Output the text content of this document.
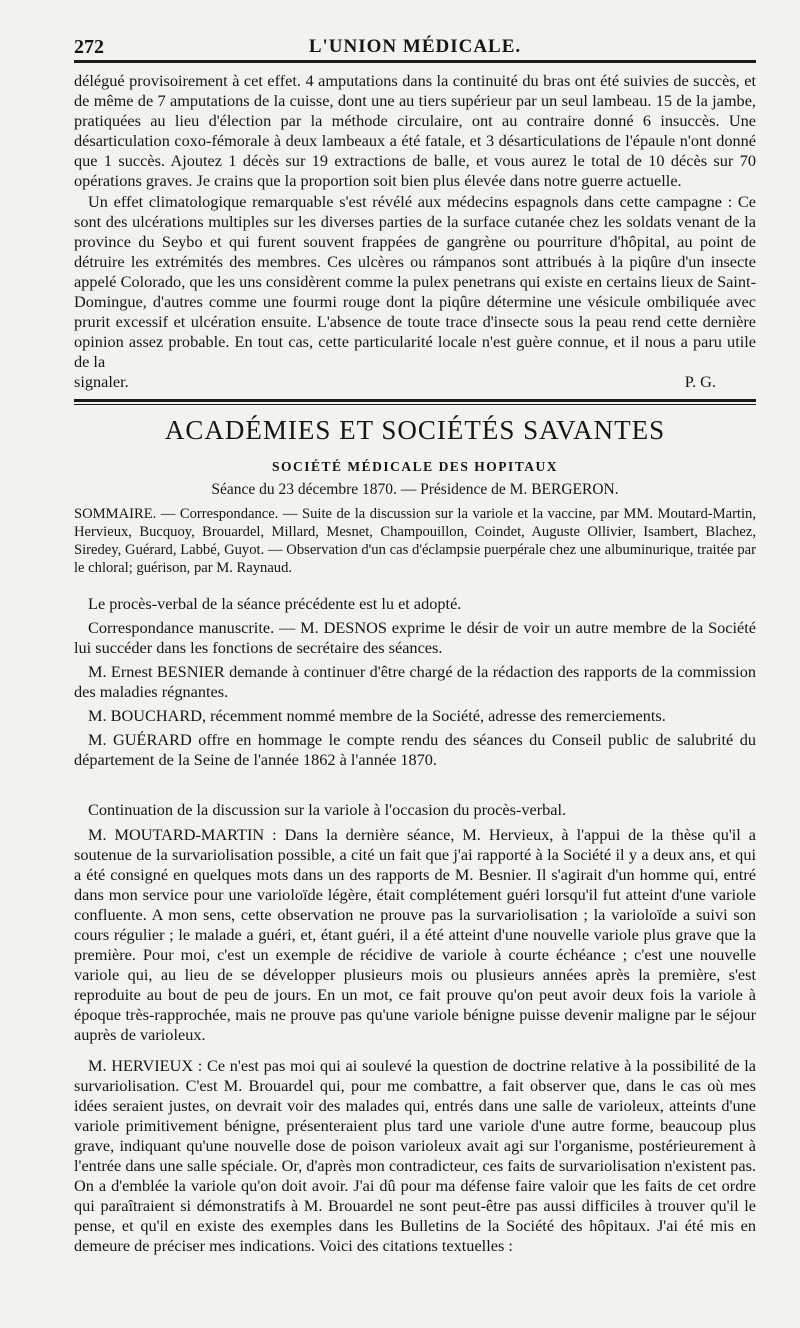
272	L'UNION MÉDICALE.

délégué provisoirement à cet effet. 4 amputations dans la continuité du bras ont été suivies de succès, et de même de 7 amputations de la cuisse, dont une au tiers supérieur par un seul lambeau. 15 de la jambe, pratiquées au lieu d'élection par la méthode circulaire, ont au contraire donné 6 insuccès. Une désarticulation coxo-fémorale à deux lambeaux a été fatale, et 3 désarticulations de l'épaule n'ont donné que 1 succès. Ajoutez 1 décès sur 19 extractions de balle, et vous aurez le total de 10 décès sur 70 opérations graves. Je crains que la proportion soit bien plus élevée dans notre guerre actuelle.

Un effet climatologique remarquable s'est révélé aux médecins espagnols dans cette campagne : Ce sont des ulcérations multiples sur les diverses parties de la surface cutanée chez les soldats venant de la province du Seybo et qui furent souvent frappées de gangrène ou pourriture d'hôpital, au point de détruire les extrémités des membres. Ces ulcères ou rámpanos sont attribués à la piqûre d'un insecte appelé Colorado, que les uns considèrent comme la pulex penetrans qui existe en certains lieux de Saint-Domingue, d'autres comme une fourmi rouge dont la piqûre détermine une vésicule ombiliquée avec prurit excessif et ulcération ensuite. L'absence de toute trace d'insecte sous la peau rend cette dernière opinion assez probable. En tout cas, cette particularité locale n'est guère connue, et il nous a paru utile de la

signaler.	P. G.
ACADÉMIES ET SOCIÉTÉS SAVANTES
SOCIÉTÉ MÉDICALE DES HOPITAUX
Séance du 23 décembre 1870. — Présidence de M. BERGERON.

SOMMAIRE. — Correspondance. — Suite de la discussion sur la variole et la vaccine, par MM. Moutard-Martin, Hervieux, Bucquoy, Brouardel, Millard, Mesnet, Champouillon, Coindet, Auguste Ollivier, Isambert, Blachez, Siredey, Guérard, Labbé, Guyot. — Observation d'un cas d'éclampsie puerpérale chez une albuminurique, traitée par le chloral; guérison, par M. Raynaud.

Le procès-verbal de la séance précédente est lu et adopté.

Correspondance manuscrite. — M. DESNOS exprime le désir de voir un autre membre de la Société lui succéder dans les fonctions de secrétaire des séances.

M. Ernest BESNIER demande à continuer d'être chargé de la rédaction des rapports de la commission des maladies régnantes.

M. BOUCHARD, récemment nommé membre de la Société, adresse des remerciements.

M. GUÉRARD offre en hommage le compte rendu des séances du Conseil public de salubrité du département de la Seine de l'année 1862 à l'année 1870.

Continuation de la discussion sur la variole à l'occasion du procès-verbal.

M. MOUTARD-MARTIN : Dans la dernière séance, M. Hervieux, à l'appui de la thèse qu'il a soutenue de la survariolisation possible, a cité un fait que j'ai rapporté à la Société il y a deux ans, et qui a été consigné en quelques mots dans un des rapports de M. Besnier. Il s'agirait d'un homme qui, entré dans mon service pour une varioloïde légère, était complétement guéri lorsqu'il fut atteint d'une variole confluente. A mon sens, cette observation ne prouve pas la survariolisation ; la varioloïde a suivi son cours régulier ; le malade a guéri, et, étant guéri, il a été atteint d'une nouvelle variole plus grave que la première. Pour moi, c'est un exemple de récidive de variole à courte échéance ; c'est une nouvelle variole qui, au lieu de se développer plusieurs mois ou plusieurs années après la première, s'est reproduite au bout de peu de jours. En un mot, ce fait prouve qu'on peut avoir deux fois la variole à époque très-rapprochée, mais ne prouve pas qu'une variole bénigne puisse devenir maligne par le séjour auprès de varioleux.

M. HERVIEUX : Ce n'est pas moi qui ai soulevé la question de doctrine relative à la possibilité de la survariolisation. C'est M. Brouardel qui, pour me combattre, a fait observer que, dans le cas où mes idées seraient justes, on devrait voir des malades qui, entrés dans une salle de varioleux, atteints d'une variole primitivement bénigne, présenteraient plus tard une variole d'une autre forme, beaucoup plus grave, indiquant qu'une nouvelle dose de poison varioleux avait agi sur l'organisme, postérieurement à l'entrée dans une salle spéciale. Or, d'après mon contradicteur, ces faits de survariolisation n'existent pas. On a d'emblée la variole qu'on doit avoir. J'ai dû pour ma défense faire valoir que les faits de cet ordre qui paraîtraient si démonstratifs à M. Brouardel ne sont peut-être pas aussi difficiles à trouver qu'il le pense, et qu'il en existe des exemples dans les Bulletins de la Société des hôpitaux. J'ai été mis en demeure de préciser mes indications. Voici des citations textuelles :
